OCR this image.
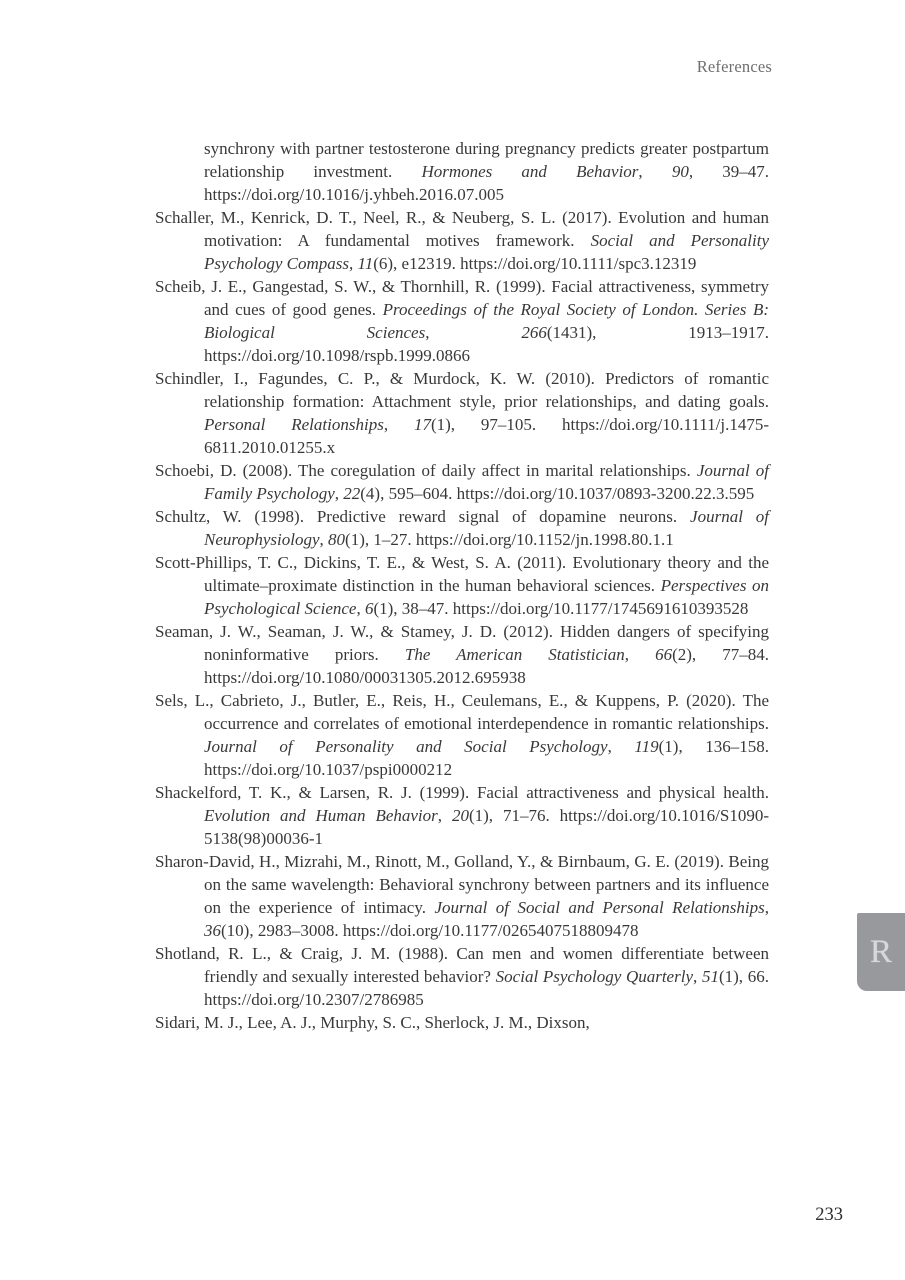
References

synchrony with partner testosterone during pregnancy predicts greater postpartum relationship investment. Hormones and Behavior, 90, 39–47. https://doi.org/10.1016/j.yhbeh.2016.07.005

Schaller, M., Kenrick, D. T., Neel, R., & Neuberg, S. L. (2017). Evolution and human motivation: A fundamental motives framework. Social and Personality Psychology Compass, 11(6), e12319. https://doi.org/10.1111/spc3.12319

Scheib, J. E., Gangestad, S. W., & Thornhill, R. (1999). Facial attractiveness, symmetry and cues of good genes. Proceedings of the Royal Society of London. Series B: Biological Sciences, 266(1431), 1913–1917. https://doi.org/10.1098/rspb.1999.0866

Schindler, I., Fagundes, C. P., & Murdock, K. W. (2010). Predictors of romantic relationship formation: Attachment style, prior relationships, and dating goals. Personal Relationships, 17(1), 97–105. https://doi.org/10.1111/j.1475-6811.2010.01255.x

Schoebi, D. (2008). The coregulation of daily affect in marital relationships. Journal of Family Psychology, 22(4), 595–604. https://doi.org/10.1037/0893-3200.22.3.595

Schultz, W. (1998). Predictive reward signal of dopamine neurons. Journal of Neurophysiology, 80(1), 1–27. https://doi.org/10.1152/jn.1998.80.1.1

Scott-Phillips, T. C., Dickins, T. E., & West, S. A. (2011). Evolutionary theory and the ultimate–proximate distinction in the human behavioral sciences. Perspectives on Psychological Science, 6(1), 38–47. https://doi.org/10.1177/1745691610393528

Seaman, J. W., Seaman, J. W., & Stamey, J. D. (2012). Hidden dangers of specifying noninformative priors. The American Statistician, 66(2), 77–84. https://doi.org/10.1080/00031305.2012.695938

Sels, L., Cabrieto, J., Butler, E., Reis, H., Ceulemans, E., & Kuppens, P. (2020). The occurrence and correlates of emotional interdependence in romantic relationships. Journal of Personality and Social Psychology, 119(1), 136–158. https://doi.org/10.1037/pspi0000212

Shackelford, T. K., & Larsen, R. J. (1999). Facial attractiveness and physical health. Evolution and Human Behavior, 20(1), 71–76. https://doi.org/10.1016/S1090-5138(98)00036-1

Sharon-David, H., Mizrahi, M., Rinott, M., Golland, Y., & Birnbaum, G. E. (2019). Being on the same wavelength: Behavioral synchrony between partners and its influence on the experience of intimacy. Journal of Social and Personal Relationships, 36(10), 2983–3008. https://doi.org/10.1177/0265407518809478

Shotland, R. L., & Craig, J. M. (1988). Can men and women differentiate between friendly and sexually interested behavior? Social Psychology Quarterly, 51(1), 66. https://doi.org/10.2307/2786985

Sidari, M. J., Lee, A. J., Murphy, S. C., Sherlock, J. M., Dixson,

R
233
